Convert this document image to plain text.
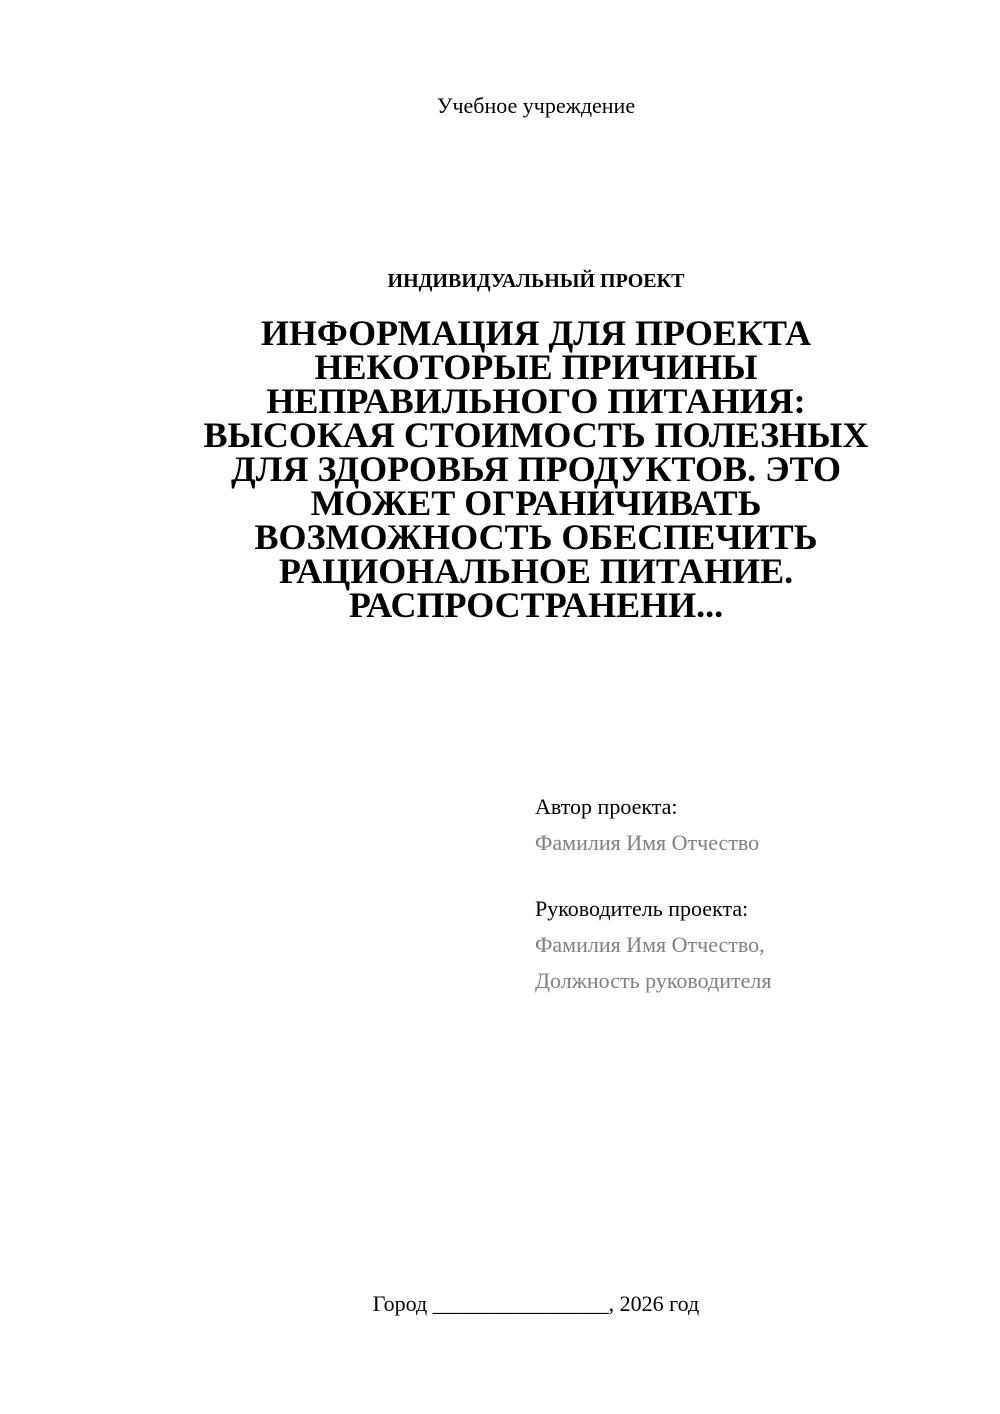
Учебное учреждение
ИНДИВИДУАЛЬНЫЙ ПРОЕКТ
ИНФОРМАЦИЯ ДЛЯ ПРОЕКТА
НЕКОТОРЫЕ ПРИЧИНЫ
НЕПРАВИЛЬНОГО ПИТАНИЯ:
ВЫСОКАЯ СТОИМОСТЬ ПОЛЕЗНЫХ
ДЛЯ ЗДОРОВЬЯ ПРОДУКТОВ. ЭТО
МОЖЕТ ОГРАНИЧИВАТЬ
ВОЗМОЖНОСТЬ ОБЕСПЕЧИТЬ
РАЦИОНАЛЬНОЕ ПИТАНИЕ.
РАСПРОСТРАНЕНИ...
Автор проекта:
Фамилия Имя Отчество
Руководитель проекта:
Фамилия Имя Отчество,
Должность руководителя
Город ________________, 2026 год
